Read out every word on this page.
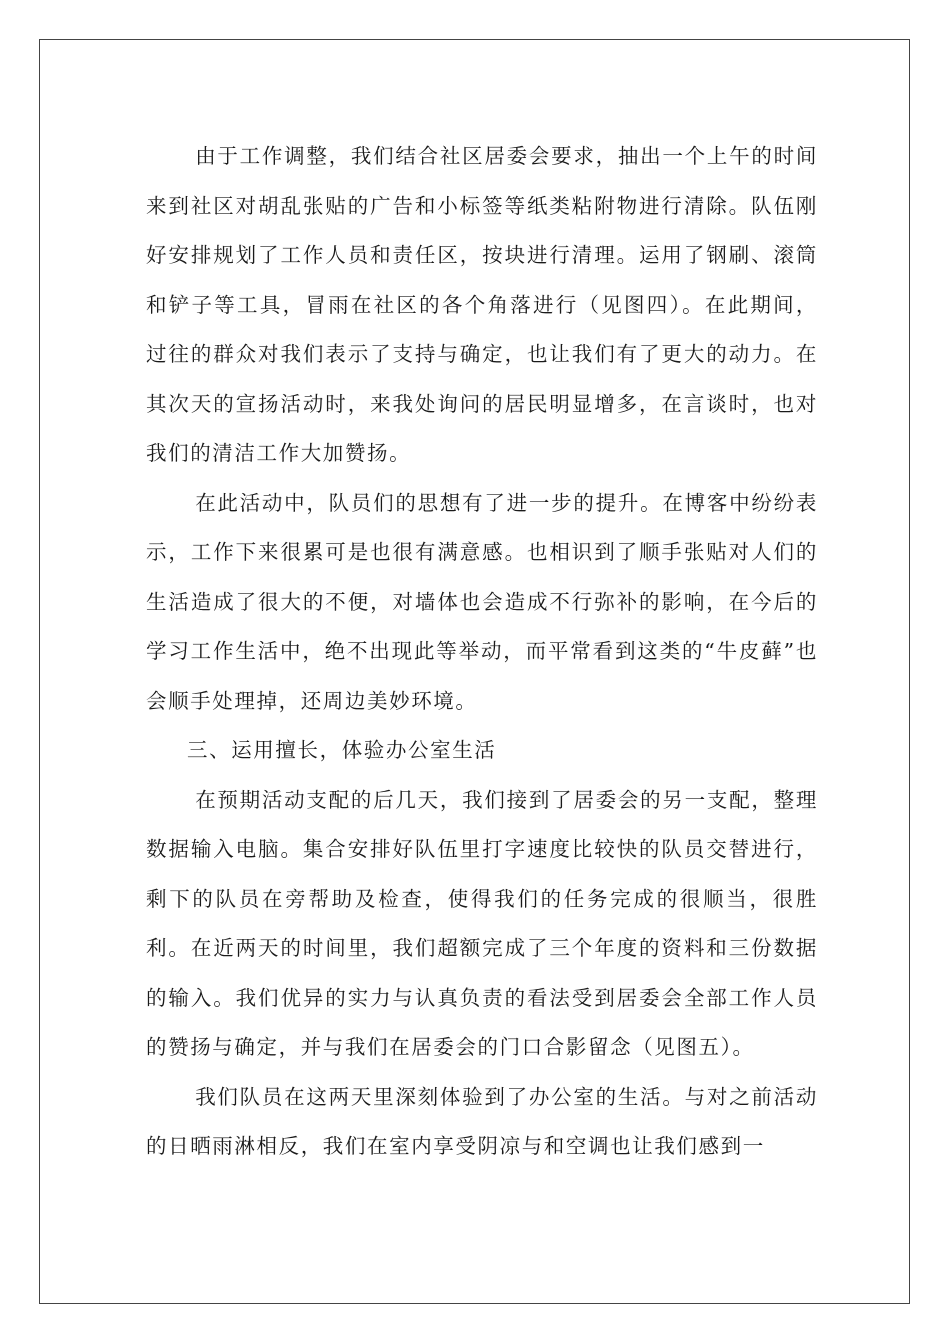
由于工作调整，我们结合社区居委会要求，抽出一个上午的时间来到社区对胡乱张贴的广告和小标签等纸类粘附物进行清除。队伍刚好安排规划了工作人员和责任区，按块进行清理。运用了钢刷、滚筒和铲子等工具，冒雨在社区的各个角落进行（见图四）。在此期间，过往的群众对我们表示了支持与确定，也让我们有了更大的动力。在其次天的宣扬活动时，来我处询问的居民明显增多，在言谈时，也对我们的清洁工作大加赞扬。

在此活动中，队员们的思想有了进一步的提升。在博客中纷纷表示，工作下来很累可是也很有满意感。也相识到了顺手张贴对人们的生活造成了很大的不便，对墙体也会造成不行弥补的影响，在今后的学习工作生活中，绝不出现此等举动，而平常看到这类的“牛皮藓”也会顺手处理掉，还周边美妙环境。

三、运用擅长，体验办公室生活

在预期活动支配的后几天，我们接到了居委会的另一支配，整理数据输入电脑。集合安排好队伍里打字速度比较快的队员交替进行，剩下的队员在旁帮助及检查，使得我们的任务完成的很顺当，很胜利。在近两天的时间里，我们超额完成了三个年度的资料和三份数据的输入。我们优异的实力与认真负责的看法受到居委会全部工作人员的赞扬与确定，并与我们在居委会的门口合影留念（见图五）。

我们队员在这两天里深刻体验到了办公室的生活。与对之前活动的日晒雨淋相反，我们在室内享受阴凉与和空调也让我们感到一
